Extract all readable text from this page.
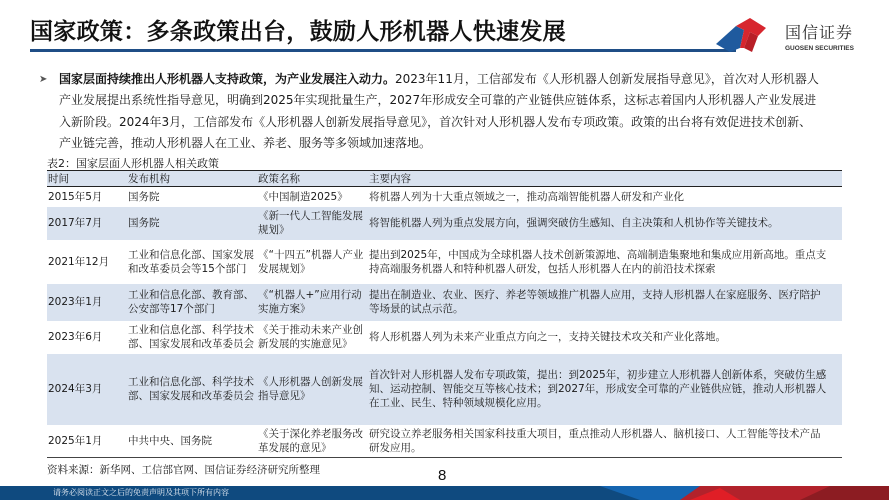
国家政策：多条政策出台，鼓励人形机器人快速发展	国信证券
GUOSEN SECURITIES
➤ 国家层面持续推出人形机器人支持政策，为产业发展注入动力。2023年11月，工信部发布《人形机器人创新发展指导意见》，首次对人形机器人产业发展提出系统性指导意见，明确到2025年实现批量生产，2027年形成安全可靠的产业链供应链体系，这标志着国内人形机器人产业发展进入新阶段。2024年3月，工信部发布《人形机器人创新发展指导意见》，首次针对人形机器人发布专项政策。政策的出台将有效促进技术创新、产业链完善，推动人形机器人在工业、养老、服务等多领域加速落地。
表2：国家层面人形机器人相关政策
时间	发布机构	政策名称	主要内容
2015年5月	国务院	《中国制造2025》	将机器人列为十大重点领域之一，推动高端智能机器人研发和产业化
2017年7月	国务院	《新一代人工智能发展规划》	将智能机器人列为重点发展方向，强调突破仿生感知、自主决策和人机协作等关键技术。
2021年12月	工业和信息化部、国家发展和改革委员会等15个部门	《“十四五”机器人产业发展规划》	提出到2025年，中国成为全球机器人技术创新策源地、高端制造集聚地和集成应用新高地。重点支持高端服务机器人和特种机器人研发，包括人形机器人在内的前沿技术探索
2023年1月	工业和信息化部、教育部、公安部等17个部门	《“机器人+”应用行动实施方案》	提出在制造业、农业、医疗、养老等领域推广机器人应用，支持人形机器人在家庭服务、医疗陪护等场景的试点示范。
2023年6月	工业和信息化部、科学技术部、国家发展和改革委员会	《关于推动未来产业创新发展的实施意见》	将人形机器人列为未来产业重点方向之一，支持关键技术攻关和产业化落地。
2024年3月	工业和信息化部、科学技术部、国家发展和改革委员会	《人形机器人创新发展指导意见》	首次针对人形机器人发布专项政策，提出：到2025年，初步建立人形机器人创新体系，突破仿生感知、运动控制、智能交互等核心技术；到2027年，形成安全可靠的产业链供应链，推动人形机器人在工业、民生、特种领域规模化应用。
2025年1月	中共中央、国务院	《关于深化养老服务改革发展的意见》	研究设立养老服务相关国家科技重大项目，重点推动人形机器人、脑机接口、人工智能等技术产品研发应用。
资料来源：新华网、工信部官网、国信证券经济研究所整理	8
请务必阅读正文之后的免责声明及其项下所有内容
